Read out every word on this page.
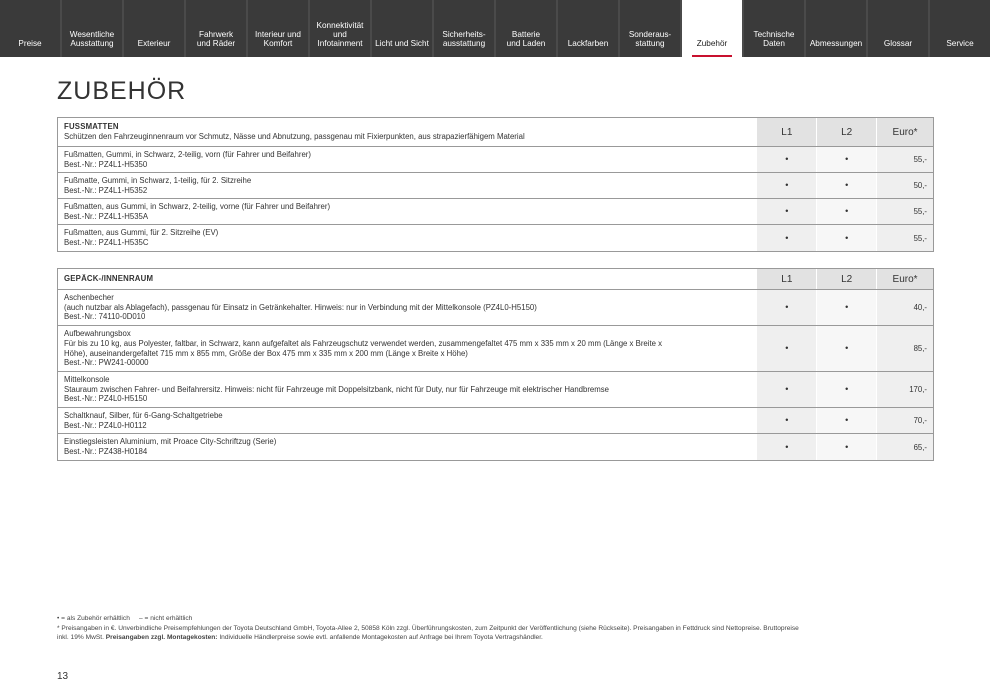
Preise
Wesentliche
Ausstattung	Exterieur
Fahrwerk
und Räder
Interieur und
Komfort
Konnektivität
und
Infotainment	Licht und Sicht
Sicherheits-
ausstattung
Batterie
und Laden	Lackfarben
Sonderaus-
stattung	Zubehör
Technische
Daten	Abmessungen	Glossar	Service
ZUBEHÖR
FUSSMATTEN
Schützen den Fahrzeuginnenraum vor Schmutz, Nässe und Abnutzung, passgenau mit Fixierpunkten, aus strapazierfähigem Material	L1	L2	Euro*
Fußmatten, Gummi, in Schwarz, 2-teilig, vorn (für Fahrer und Beifahrer)
Best.-Nr.: PZ4L1-H5350	•	•	55,-
Fußmatte, Gummi, in Schwarz, 1-teilig, für 2. Sitzreihe
Best.-Nr.: PZ4L1-H5352	•	•	50,-
Fußmatten, aus Gummi, in Schwarz, 2-teilig, vorne (für Fahrer und Beifahrer)
Best.-Nr.: PZ4L1-H535A	•	•	55,-
Fußmatten, aus Gummi, für 2. Sitzreihe (EV)
Best.-Nr.: PZ4L1-H535C	•	•	55,-
GEPÄCK-/INNENRAUM	L1	L2	Euro*
Aschenbecher
(auch nutzbar als Ablagefach), passgenau für Einsatz in Getränkehalter. Hinweis: nur in Verbindung mit der Mittelkonsole (PZ4L0-H5150)
Best.-Nr.: 74110-0D010
•	•	40,-
Aufbewahrungsbox
Für bis zu 10 kg, aus Polyester, faltbar, in Schwarz, kann aufgefaltet als Fahrzeugschutz verwendet werden, zusammengefaltet 475 mm x 335 mm x 20 mm (Länge x Breite x
Höhe), auseinandergefaltet 715 mm x 855 mm, Größe der Box 475 mm x 335 mm x 200 mm (Länge x Breite x Höhe)
Best.-Nr.: PW241-00000
•	•	85,-
Mittelkonsole
Stauraum zwischen Fahrer- und Beifahrersitz. Hinweis: nicht für Fahrzeuge mit Doppelsitzbank, nicht für Duty, nur für Fahrzeuge mit elektrischer Handbremse
Best.-Nr.: PZ4L0-H5150
•	•	170,-
Schaltknauf, Silber, für 6-Gang-Schaltgetriebe
Best.-Nr.: PZ4L0-H0112	•	•	70,-
Einstiegsleisten Aluminium, mit Proace City-Schriftzug (Serie)
Best.-Nr.: PZ438-H0184	•	•	65,-
• = als Zubehör erhältlich     – = nicht erhältlich
* Preisangaben in €. Unverbindliche Preisempfehlungen der Toyota Deutschland GmbH, Toyota-Allee 2, 50858 Köln zzgl. Überführungskosten, zum Zeitpunkt der Veröffentlichung (siehe Rückseite). Preisangaben in Fettdruck sind Nettopreise. Bruttopreise
inkl. 19% MwSt. Preisangaben zzgl. Montagekosten: Individuelle Händlerpreise sowie evtl. anfallende Montagekosten auf Anfrage bei Ihrem Toyota Vertragshändler.
13
